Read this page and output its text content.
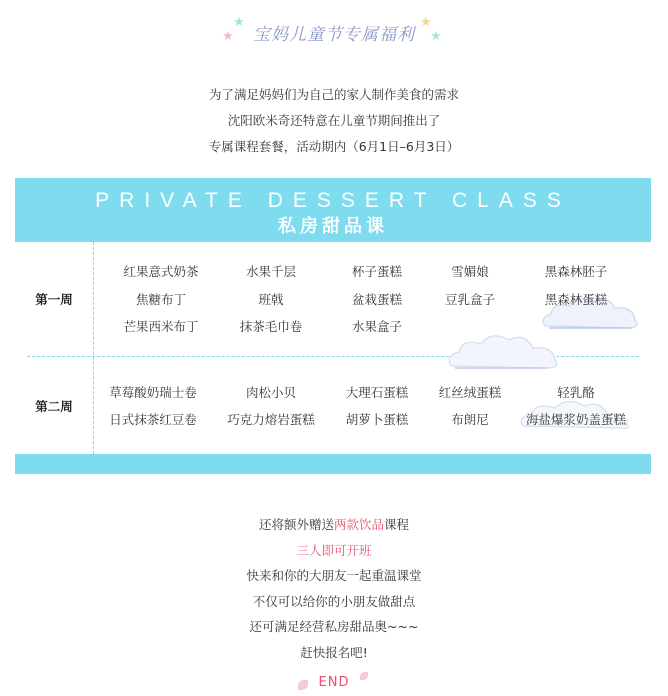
★
★
★
★
宝妈儿童节专属福利
为了满足妈妈们为自己的家人制作美食的需求
沈阳欧米奇还特意在儿童节期间推出了
专属课程套餐，活动期内（6月1日–6月3日）
PRIVATE DESSERT CLASS
私房甜品课
第一周
红果意式奶茶	水果千层	杯子蛋糕	雪媚娘	黑森林胚子
焦糖布丁	班戟	盆栽蛋糕	豆乳盒子	黑森林蛋糕
芒果西米布丁	抹茶毛巾卷	水果盒子
第二周
草莓酸奶瑞士卷	肉松小贝	大理石蛋糕	红丝绒蛋糕	轻乳酪
日式抹茶红豆卷	巧克力熔岩蛋糕	胡萝卜蛋糕	布朗尼	海盐爆浆奶盖蛋糕
还将额外赠送两款饮品课程
三人即可开班
快来和你的大朋友一起重温课堂
不仅可以给你的小朋友做甜点
还可满足经营私房甜品奥~~~
赶快报名吧!
END
